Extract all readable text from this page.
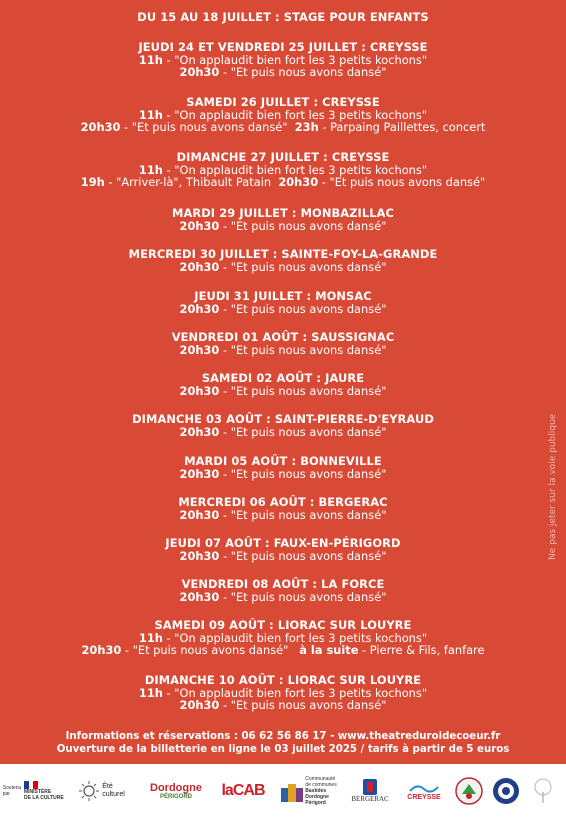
DU 15 AU 18 JUILLET : STAGE POUR ENFANTS
JEUDI 24 ET VENDREDI 25 JUILLET : CREYSSE
11h - "On applaudit bien fort les 3 petits kochons"
20h30 - "Et puis nous avons dansé"
SAMEDI 26 JUILLET : CREYSSE
11h - "On applaudit bien fort les 3 petits kochons"
20h30 - "Et puis nous avons dansé"  23h - Parpaing Paillettes, concert
DIMANCHE 27 JUILLET : CREYSSE
11h - "On applaudit bien fort les 3 petits kochons"
19h - "Arriver-là", Thibault Patain  20h30 - "Et puis nous avons dansé"
MARDI 29 JUILLET : MONBAZILLAC
20h30 - "Et puis nous avons dansé"
MERCREDI 30 JUILLET : SAINTE-FOY-LA-GRANDE
20h30 - "Et puis nous avons dansé"
JEUDI 31 JUILLET : MONSAC
20h30 - "Et puis nous avons dansé"
VENDREDI 01 AOÛT : SAUSSIGNAC
20h30 - "Et puis nous avons dansé"
SAMEDI 02 AOÛT : JAURE
20h30 - "Et puis nous avons dansé"
DIMANCHE 03 AOÛT : SAINT-PIERRE-D'EYRAUD
20h30 - "Et puis nous avons dansé"
MARDI 05 AOÛT : BONNEVILLE
20h30 - "Et puis nous avons dansé"
MERCREDI 06 AOÛT : BERGERAC
20h30 - "Et puis nous avons dansé"
JEUDI 07 AOÛT : FAUX-EN-PÉRIGORD
20h30 - "Et puis nous avons dansé"
VENDREDI 08 AOÛT : LA FORCE
20h30 - "Et puis nous avons dansé"
SAMEDI 09 AOÛT : LIORAC SUR LOUYRE
11h - "On applaudit bien fort les 3 petits kochons"
20h30 - "Et puis nous avons dansé"   à la suite - Pierre & Fils, fanfare
DIMANCHE 10 AOÛT : LIORAC SUR LOUYRE
11h - "On applaudit bien fort les 3 petits kochons"
20h30 - "Et puis nous avons dansé"
Informations et réservations : 06 62 56 86 17 - www.theatreduroidecoeur.fr
Ouverture de la billetterie en ligne le 03 juillet 2025 / tarifs à partir de 5 euros
Ne pas jeter sur la voie publique
Soutenu par	MINISTÈRE
DE LA CULTURE
Été
culturel
Dordogne
PÉRIGORD laCAB
Communauté
de communes
Bastides
Dordogne
Périgord	BERGERAC	CREYSSE
